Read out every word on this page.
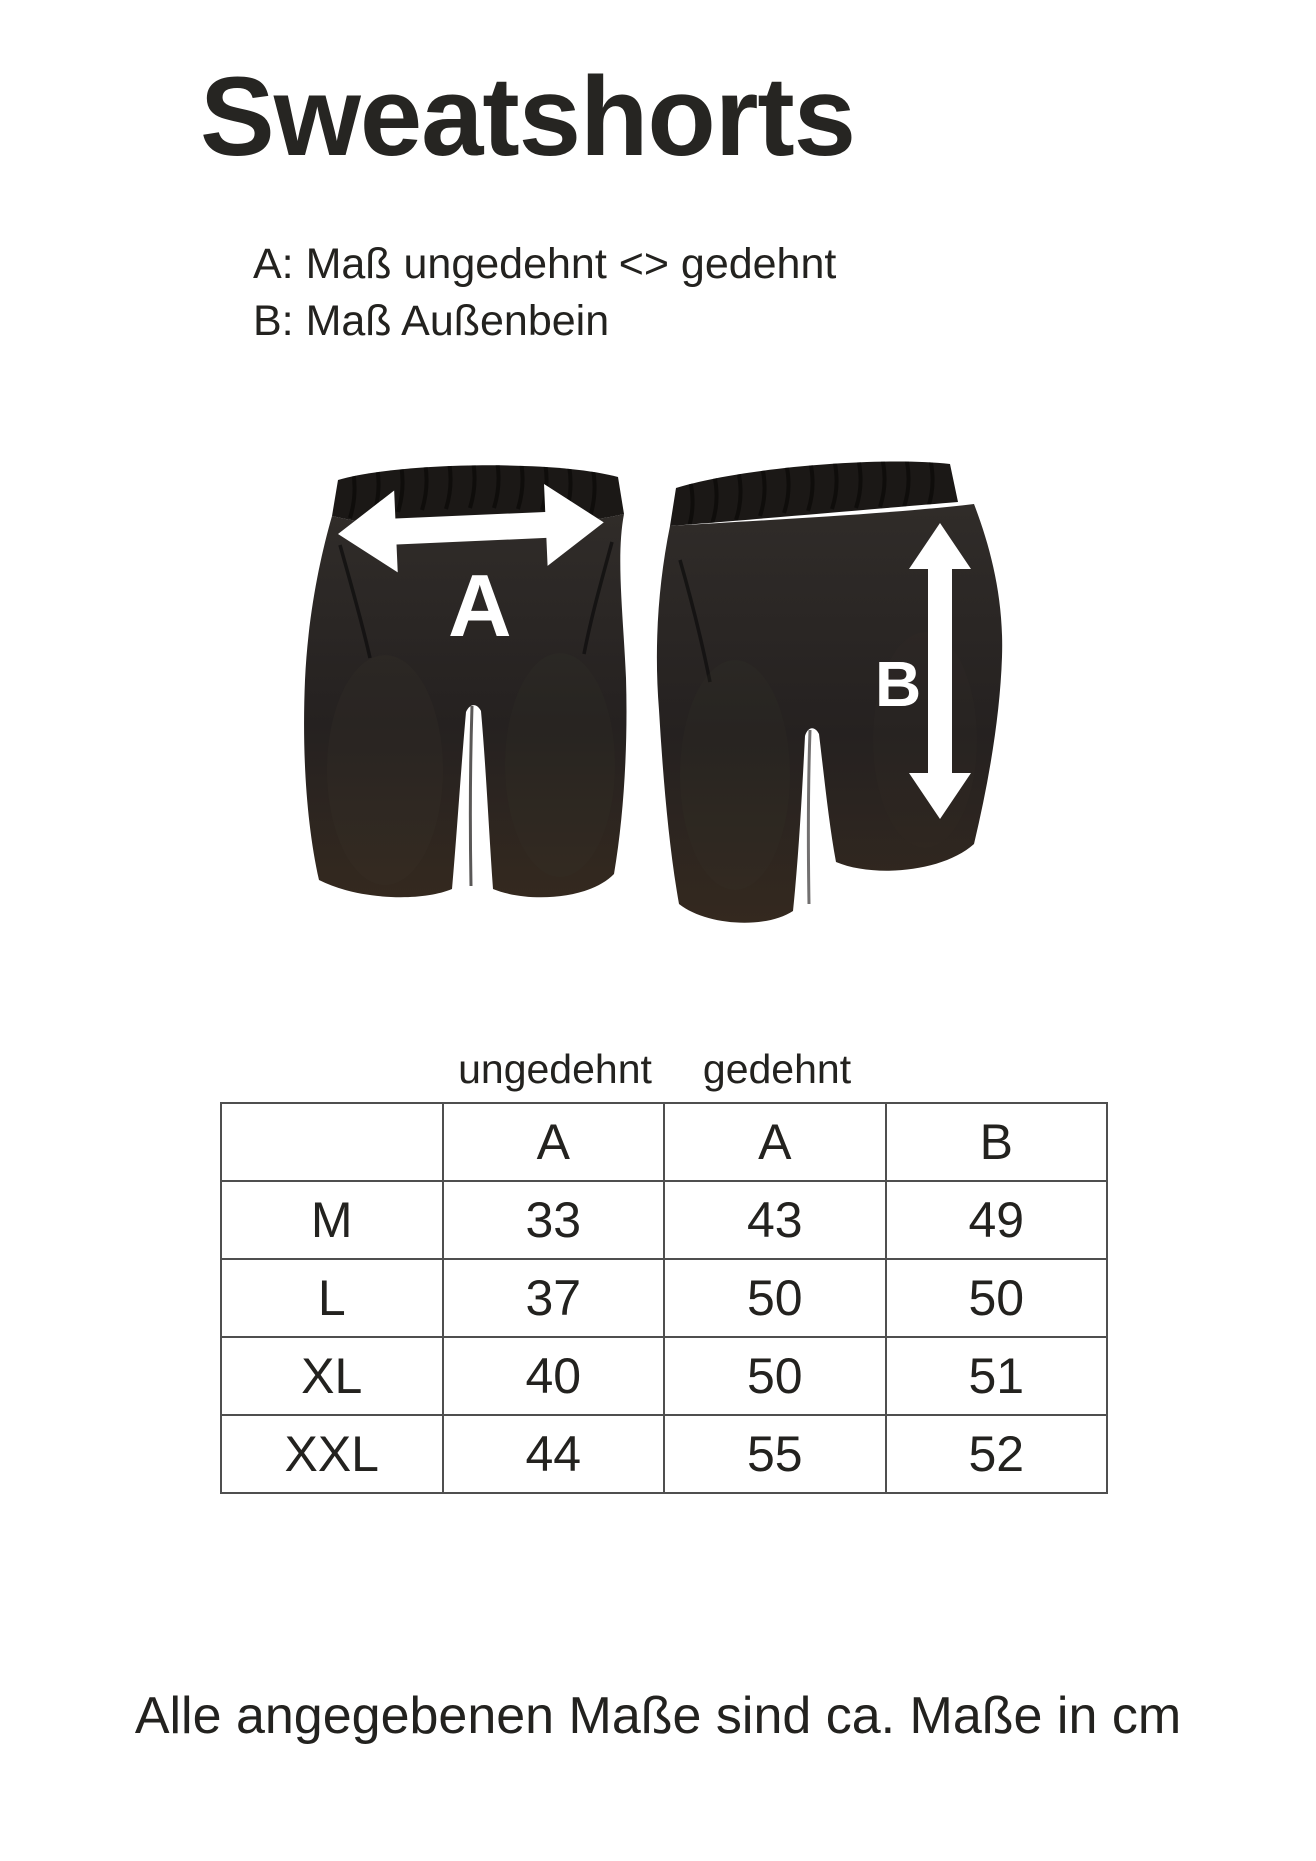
Sweatshorts
A: Maß ungedehnt <> gedehnt
B: Maß Außenbein
A
B
ungedehnt	gedehnt
	A	A	B
M	33	43	49
L	37	50	50
XL	40	50	51
XXL	44	55	52
Alle angegebenen Maße sind ca. Maße in cm
